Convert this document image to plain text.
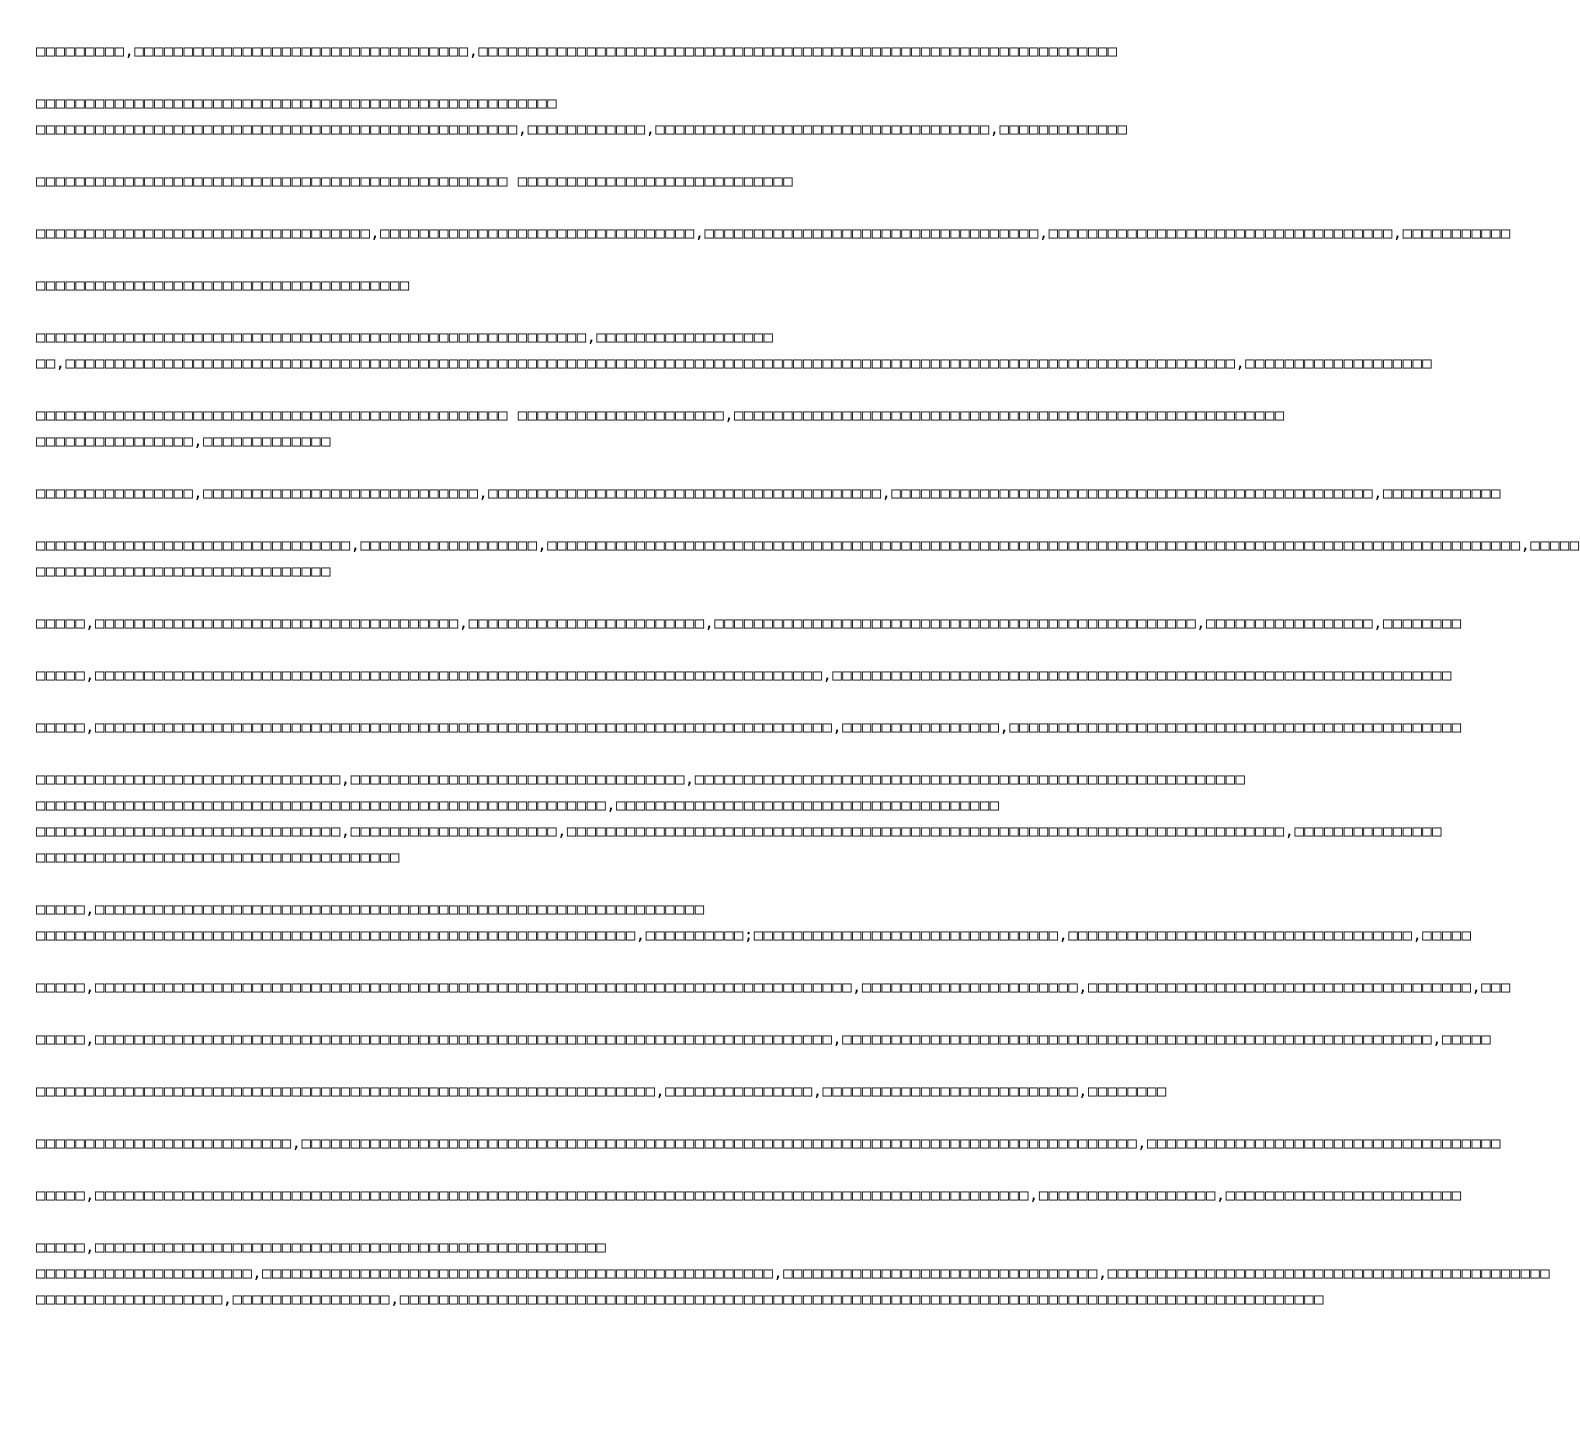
□□□□□□□□□,□□□□□□□□□□□□□□□□□□□□□□□□□□□□□□□□□□,□□□□□□□□□□□□□□□□□□□□□□□□□□□□□□□□□□□□□□□□□□□□□□□□□□□□□□□□□□□□□□□□□
□□□□□□□□□□□□□□□□□□□□□□□□□□□□□□□□□□□□□□□□□□□□□□□□□□□□□
□□□□□□□□□□□□□□□□□□□□□□□□□□□□□□□□□□□□□□□□□□□□□□□□□,□□□□□□□□□□□□,□□□□□□□□□□□□□□□□□□□□□□□□□□□□□□□□□□,□□□□□□□□□□□□□
□□□□□□□□□□□□□□□□□□□□□□□□□□□□□□□□□□□□□□□□□□□□□□□□ □□□□□□□□□□□□□□□□□□□□□□□□□□□□
□□□□□□□□□□□□□□□□□□□□□□□□□□□□□□□□□□,□□□□□□□□□□□□□□□□□□□□□□□□□□□□□□□□,□□□□□□□□□□□□□□□□□□□□□□□□□□□□□□□□□□,□□□□□□□□□□□□□□□□□□□□□□□□□□□□□□□□□□□,□□□□□□□□□□□
□□□□□□□□□□□□□□□□□□□□□□□□□□□□□□□□□□□□□□
□□□□□□□□□□□□□□□□□□□□□□□□□□□□□□□□□□□□□□□□□□□□□□□□□□□□□□□□,□□□□□□□□□□□□□□□□□□
□□,□□□□□□□□□□□□□□□□□□□□□□□□□□□□□□□□□□□□□□□□□□□□□□□□□□□□□□□□□□□□□□□□□□□□□□□□□□□□□□□□□□□□□□□□□□□□□□□□□□□□□□□□□□□□□□□□□□□□□□□,□□□□□□□□□□□□□□□□□□□
□□□□□□□□□□□□□□□□□□□□□□□□□□□□□□□□□□□□□□□□□□□□□□□□ □□□□□□□□□□□□□□□□□□□□□,□□□□□□□□□□□□□□□□□□□□□□□□□□□□□□□□□□□□□□□□□□□□□□□□□□□□□□□□
□□□□□□□□□□□□□□□□,□□□□□□□□□□□□□
□□□□□□□□□□□□□□□□,□□□□□□□□□□□□□□□□□□□□□□□□□□□□,□□□□□□□□□□□□□□□□□□□□□□□□□□□□□□□□□□□□□□□□,□□□□□□□□□□□□□□□□□□□□□□□□□□□□□□□□□□□□□□□□□□□□□□□□□,□□□□□□□□□□□□
□□□□□□□□□□□□□□□□□□□□□□□□□□□□□□□□,□□□□□□□□□□□□□□□□□□,□□□□□□□□□□□□□□□□□□□□□□□□□□□□□□□□□□□□□□□□□□□□□□□□□□□□□□□□□□□□□□□□□□□□□□□□□□□□□□□□□□□□□□□□□□□□□□□□□□□,□□□□□
□□□□□□□□□□□□□□□□□□□□□□□□□□□□□□
□□□□□,□□□□□□□□□□□□□□□□□□□□□□□□□□□□□□□□□□□□□,□□□□□□□□□□□□□□□□□□□□□□□□,□□□□□□□□□□□□□□□□□□□□□□□□□□□□□□□□□□□□□□□□□□□□□□□□□,□□□□□□□□□□□□□□□□□,□□□□□□□□
□□□□□,□□□□□□□□□□□□□□□□□□□□□□□□□□□□□□□□□□□□□□□□□□□□□□□□□□□□□□□□□□□□□□□□□□□□□□□□□□,□□□□□□□□□□□□□□□□□□□□□□□□□□□□□□□□□□□□□□□□□□□□□□□□□□□□□□□□□□□□□□□
□□□□□,□□□□□□□□□□□□□□□□□□□□□□□□□□□□□□□□□□□□□□□□□□□□□□□□□□□□□□□□□□□□□□□□□□□□□□□□□□□,□□□□□□□□□□□□□□□□,□□□□□□□□□□□□□□□□□□□□□□□□□□□□□□□□□□□□□□□□□□□□□□
□□□□□□□□□□□□□□□□□□□□□□□□□□□□□□□,□□□□□□□□□□□□□□□□□□□□□□□□□□□□□□□□□□,□□□□□□□□□□□□□□□□□□□□□□□□□□□□□□□□□□□□□□□□□□□□□□□□□□□□□□□□
□□□□□□□□□□□□□□□□□□□□□□□□□□□□□□□□□□□□□□□□□□□□□□□□□□□□□□□□□□,□□□□□□□□□□□□□□□□□□□□□□□□□□□□□□□□□□□□□□□
□□□□□□□□□□□□□□□□□□□□□□□□□□□□□□□,□□□□□□□□□□□□□□□□□□□□□,□□□□□□□□□□□□□□□□□□□□□□□□□□□□□□□□□□□□□□□□□□□□□□□□□□□□□□□□□□□□□□□□□□□□□□□□□,□□□□□□□□□□□□□□□
□□□□□□□□□□□□□□□□□□□□□□□□□□□□□□□□□□□□□
□□□□□,□□□□□□□□□□□□□□□□□□□□□□□□□□□□□□□□□□□□□□□□□□□□□□□□□□□□□□□□□□□□□□
□□□□□□□□□□□□□□□□□□□□□□□□□□□□□□□□□□□□□□□□□□□□□□□□□□□□□□□□□□□□□,□□□□□□□□□□;□□□□□□□□□□□□□□□□□□□□□□□□□□□□□□□,□□□□□□□□□□□□□□□□□□□□□□□□□□□□□□□□□□□,□□□□□
□□□□□,□□□□□□□□□□□□□□□□□□□□□□□□□□□□□□□□□□□□□□□□□□□□□□□□□□□□□□□□□□□□□□□□□□□□□□□□□□□□□,□□□□□□□□□□□□□□□□□□□□□□,□□□□□□□□□□□□□□□□□□□□□□□□□□□□□□□□□□□□□□□,□□□
□□□□□,□□□□□□□□□□□□□□□□□□□□□□□□□□□□□□□□□□□□□□□□□□□□□□□□□□□□□□□□□□□□□□□□□□□□□□□□□□□,□□□□□□□□□□□□□□□□□□□□□□□□□□□□□□□□□□□□□□□□□□□□□□□□□□□□□□□□□□□□,□□□□□
□□□□□□□□□□□□□□□□□□□□□□□□□□□□□□□□□□□□□□□□□□□□□□□□□□□□□□□□□□□□□□□,□□□□□□□□□□□□□□□,□□□□□□□□□□□□□□□□□□□□□□□□□□,□□□□□□□□
□□□□□□□□□□□□□□□□□□□□□□□□□□,□□□□□□□□□□□□□□□□□□□□□□□□□□□□□□□□□□□□□□□□□□□□□□□□□□□□□□□□□□□□□□□□□□□□□□□□□□□□□□□□□□□□□,□□□□□□□□□□□□□□□□□□□□□□□□□□□□□□□□□□□□
□□□□□,□□□□□□□□□□□□□□□□□□□□□□□□□□□□□□□□□□□□□□□□□□□□□□□□□□□□□□□□□□□□□□□□□□□□□□□□□□□□□□□□□□□□□□□□□□□□□□□,□□□□□□□□□□□□□□□□□□,□□□□□□□□□□□□□□□□□□□□□□□□
□□□□□,□□□□□□□□□□□□□□□□□□□□□□□□□□□□□□□□□□□□□□□□□□□□□□□□□□□□
□□□□□□□□□□□□□□□□□□□□□□,□□□□□□□□□□□□□□□□□□□□□□□□□□□□□□□□□□□□□□□□□□□□□□□□□□□□,□□□□□□□□□□□□□□□□□□□□□□□□□□□□□□□□,□□□□□□□□□□□□□□□□□□□□□□□□□□□□□□□□□□□□□□□□□□□□□
□□□□□□□□□□□□□□□□□□□,□□□□□□□□□□□□□□□□,□□□□□□□□□□□□□□□□□□□□□□□□□□□□□□□□□□□□□□□□□□□□□□□□□□□□□□□□□□□□□□□□□□□□□□□□□□□□□□□□□□□□□□□□□□□□□□
